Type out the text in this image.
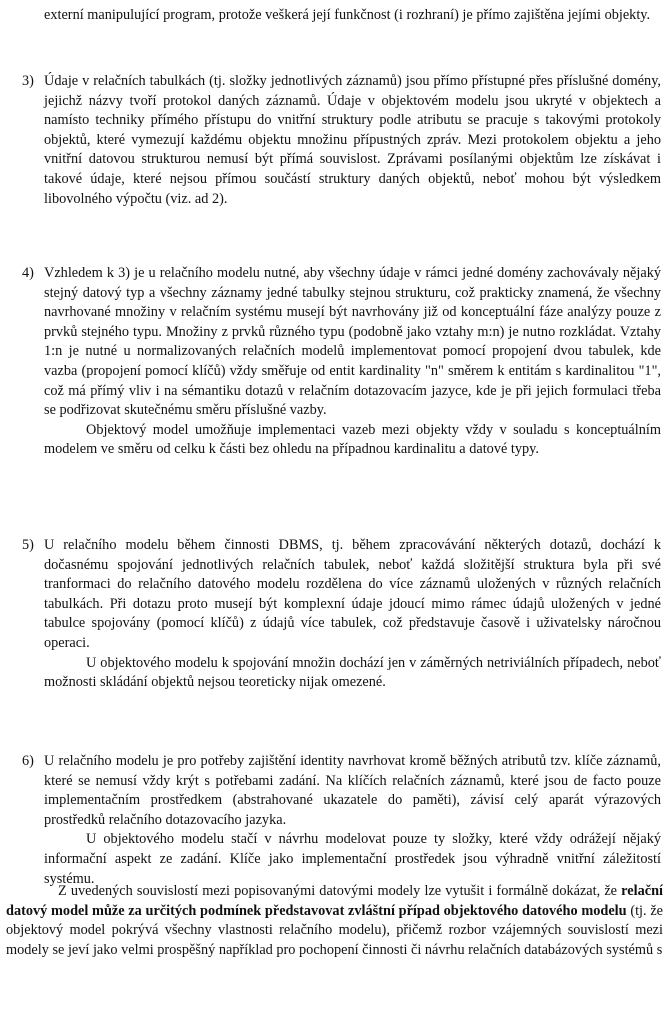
externí manipulující program, protože veškerá její funkčnost (i rozhraní) je přímo zajištěna jejími objekty.

3) Údaje v relačních tabulkách (tj. složky jednotlivých záznamů) jsou přímo přístupné přes příslušné domény, jejichž názvy tvoří protokol daných záznamů. Údaje v objektovém modelu jsou ukryté v objektech a namísto techniky přímého přístupu do vnitřní struktury podle atributu se pracuje s takovými protokoly objektů, které vymezují každému objektu množinu přípustných zpráv. Mezi protokolem objektu a jeho vnitřní datovou strukturou nemusí být přímá souvislost. Zprávami posílanými objektům lze získávat i takové údaje, které nejsou přímou součástí struktury daných objektů, neboť mohou být výsledkem libovolného výpočtu (viz. ad 2).

4) Vzhledem k 3) je u relačního modelu nutné, aby všechny údaje v rámci jedné domény zachovávaly nějaký stejný datový typ a všechny záznamy jedné tabulky stejnou strukturu, což prakticky znamená, že všechny navrhované množiny v relačním systému musejí být navrhovány již od konceptuální fáze analýzy pouze z prvků stejného typu. Množiny z prvků různého typu (podobně jako vztahy m:n) je nutno rozkládat. Vztahy 1:n je nutné u normalizovaných relačních modelů implementovat pomocí propojení dvou tabulek, kde vazba (propojení pomocí klíčů) vždy směřuje od entit kardinality "n" směrem k entitám s kardinalitou "1", což má přímý vliv i na sémantiku dotazů v relačním dotazovacím jazyce, kde je při jejich formulaci třeba se podřizovat skutečnému směru příslušné vazby.

Objektový model umožňuje implementaci vazeb mezi objekty vždy v souladu s konceptuálním modelem ve směru od celku k části bez ohledu na případnou kardinalitu a datové typy.

5) U relačního modelu během činnosti DBMS, tj. během zpracovávání některých dotazů, dochází k dočasnému spojování jednotlivých relačních tabulek, neboť každá složitější struktura byla při své tranformaci do relačního datového modelu rozdělena do více záznamů uložených v různých relačních tabulkách. Při dotazu proto musejí být komplexní údaje jdoucí mimo rámec údajů uložených v jedné tabulce spojovány (pomocí klíčů) z údajů více tabulek, což představuje časově i uživatelsky náročnou operaci.

U objektového modelu k spojování množin dochází jen v záměrných netriviálních případech, neboť možnosti skládání objektů nejsou teoreticky nijak omezené.

6) U relačního modelu je pro potřeby zajištění identity navrhovat kromě běžných atributů tzv. klíče záznamů, které se nemusí vždy krýt s potřebami zadání. Na klíčích relačních záznamů, které jsou de facto pouze implementačním prostředkem (abstrahované ukazatele do paměti), závisí celý aparát výrazových prostředků relačního dotazovacího jazyka.

U objektového modelu stačí v návrhu modelovat pouze ty složky, které vždy odrážejí nějaký informační aspekt ze zadání. Klíče jako implementační prostředek jsou výhradně vnitřní záležitostí systému.

Z uvedených souvislostí mezi popisovanými datovými modely lze vytušit i formálně dokázat, že relační datový model může za určitých podmínek představovat zvláštní případ objektového datového modelu (tj. že objektový model pokrývá všechny vlastnosti relačního modelu), přičemž rozbor vzájemných souvislostí mezi modely se jeví jako velmi prospěšný například pro pochopení činnosti či návrhu relačních databázových systémů s
